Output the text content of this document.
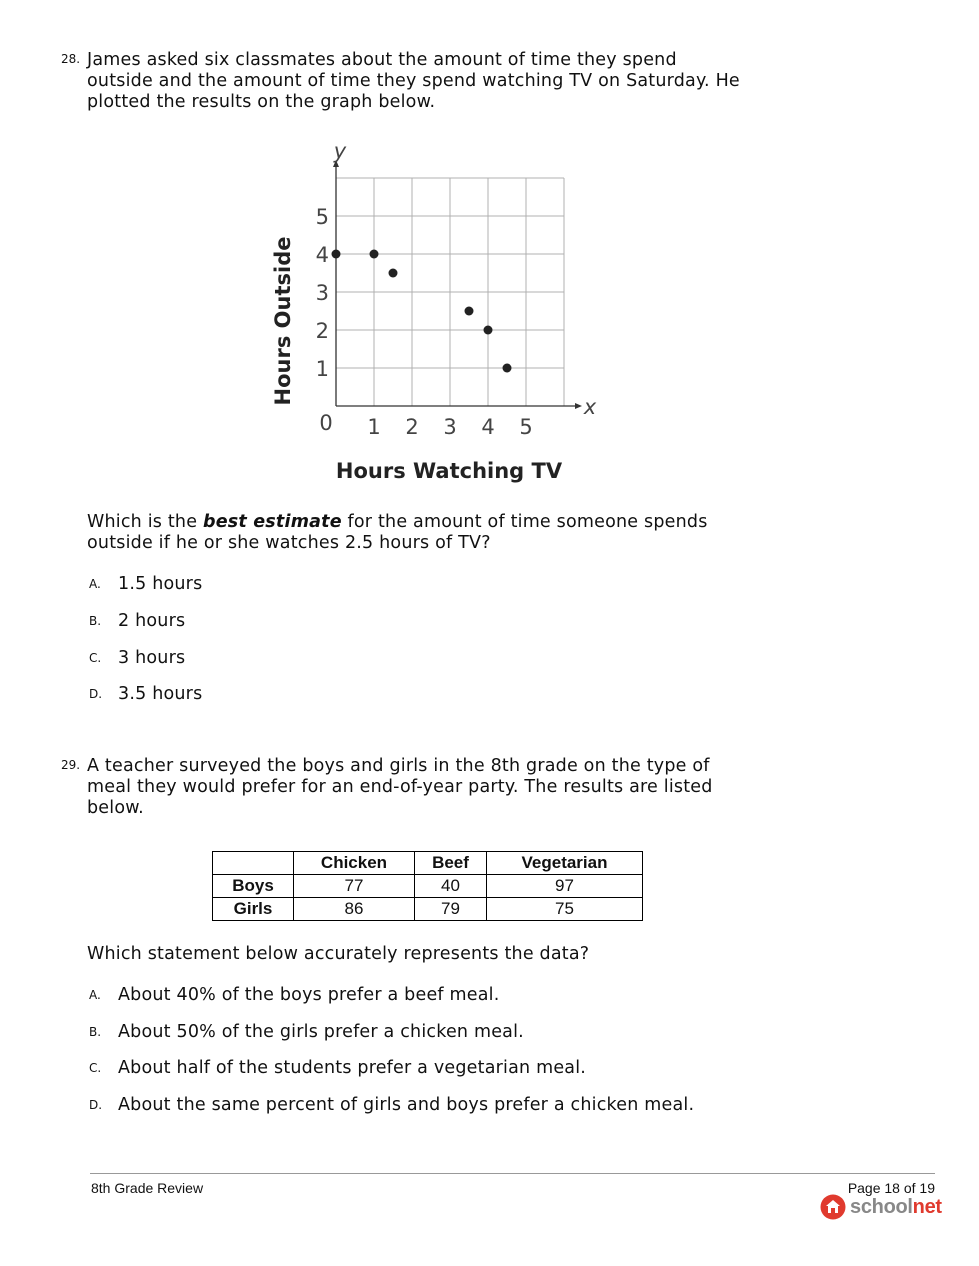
28. James asked six classmates about the amount of time they spend
outside and the amount of time they spend watching TV on Saturday. He
plotted the results on the graph below.
1 2 3 4 5
1
2
3
4
5
0
x
y
Hours Watching TV
Hours Outside
Which is the best estimate for the amount of time someone spends
outside if he or she watches 2.5 hours of TV?
A. 1.5 hours
B. 2 hours
C. 3 hours
D. 3.5 hours
29. A teacher surveyed the boys and girls in the 8th grade on the type of
meal they would prefer for an end-of-year party. The results are listed
below.
	Chicken	Beef	Vegetarian
Boys	77	40	97
Girls	86	79	75
Which statement below accurately represents the data?
A. About 40% of the boys prefer a beef meal.
B. About 50% of the girls prefer a chicken meal.
C. About half of the students prefer a vegetarian meal.
D. About the same percent of girls and boys prefer a chicken meal.
8th Grade Review	Page 18 of 19
schoolnet
